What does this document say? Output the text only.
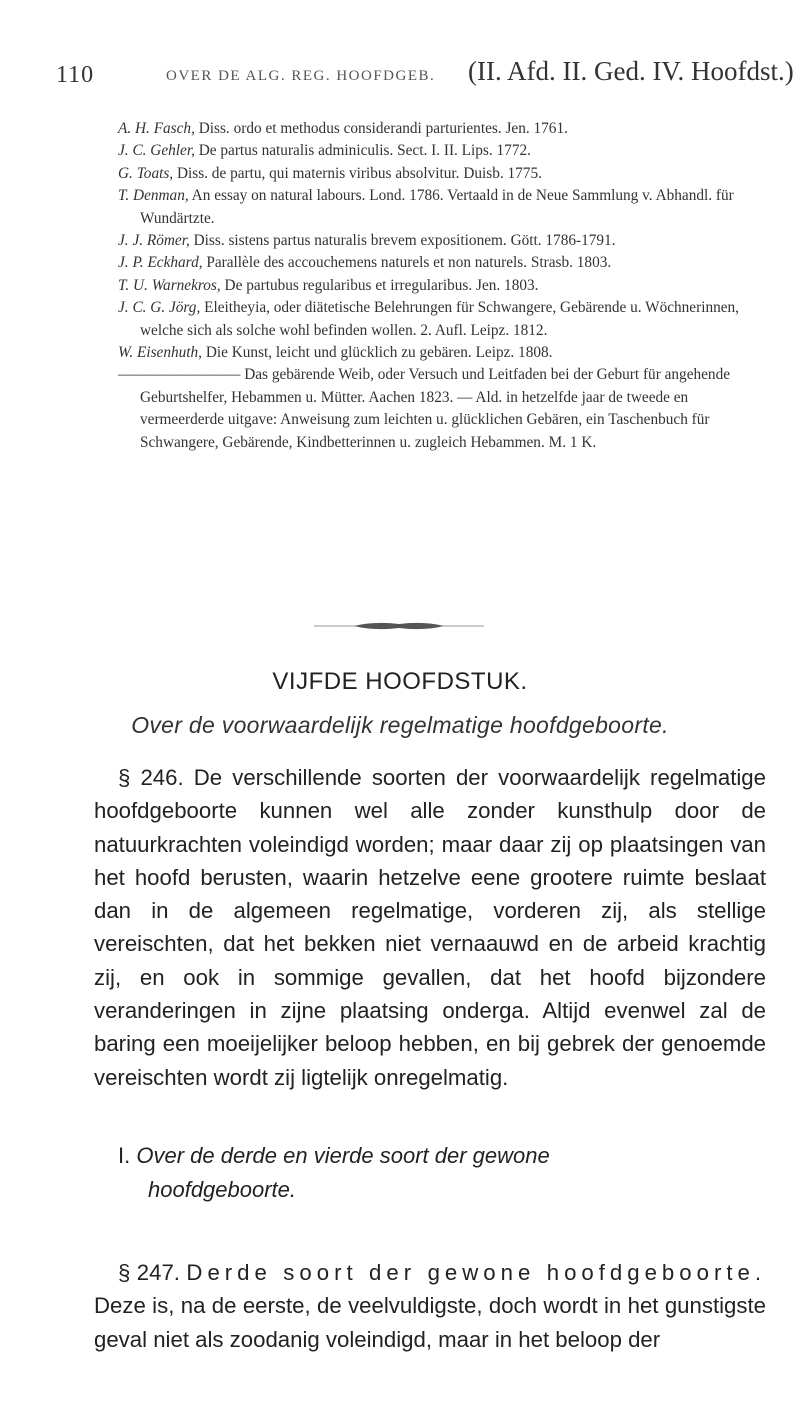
110	OVER DE ALG. REG. HOOFDGEB. (II. Afd. II. Ged. IV. Hoofdst.)

A. H. Fasch, Diss. ordo et methodus considerandi parturientes. Jen. 1761.

J. C. Gehler, De partus naturalis adminiculis. Sect. I. II. Lips. 1772.

G. Toats, Diss. de partu, qui maternis viribus absolvitur. Duisb. 1775.

T. Denman, An essay on natural labours. Lond. 1786. Vertaald in de Neue Sammlung v. Abhandl. für Wundärtzte.

J. J. Römer, Diss. sistens partus naturalis brevem expositionem. Gött. 1786-1791.

J. P. Eckhard, Parallèle des accouchemens naturels et non naturels. Strasb. 1803.

T. U. Warnekros, De partubus regularibus et irregularibus. Jen. 1803.

J. C. G. Jörg, Eleitheyia, oder diätetische Belehrungen für Schwangere, Gebärende u. Wöchnerinnen, welche sich als solche wohl befinden wollen. 2. Aufl. Leipz. 1812.

W. Eisenhuth, Die Kunst, leicht und glücklich zu gebären. Leipz. 1808.

———————— Das gebärende Weib, oder Versuch und Leitfaden bei der Geburt für angehende Geburtshelfer, Hebammen u. Mütter. Aachen 1823. — Ald. in hetzelfde jaar de tweede en vermeerderde uitgave: Anweisung zum leichten u. glücklichen Gebären, ein Taschenbuch für Schwangere, Gebärende, Kindbetterinnen u. zugleich Hebammen. M. 1 K.

VIJFDE HOOFDSTUK.
Over de voorwaardelijk regelmatige hoofdgeboorte.
§ 246. De verschillende soorten der voorwaardelijk regelmatige hoofdgeboorte kunnen wel alle zonder kunsthulp door de natuurkrachten voleindigd worden; maar daar zij op plaatsingen van het hoofd berusten, waarin hetzelve eene grootere ruimte beslaat dan in de algemeen regelmatige, vorderen zij, als stellige vereischten, dat het bekken niet vernaauwd en de arbeid krachtig zij, en ook in sommige gevallen, dat het hoofd bijzondere veranderingen in zijne plaatsing onderga. Altijd evenwel zal de baring een moeijelijker beloop hebben, en bij gebrek der genoemde vereischten wordt zij ligtelijk onregelmatig.
I. Over de derde en vierde soort der gewone
hoofdgeboorte.
§ 247. Derde soort der gewone hoofdgeboorte. Deze is, na de eerste, de veelvuldigste, doch wordt in het gunstigste geval niet als zoodanig voleindigd, maar in het beloop der
